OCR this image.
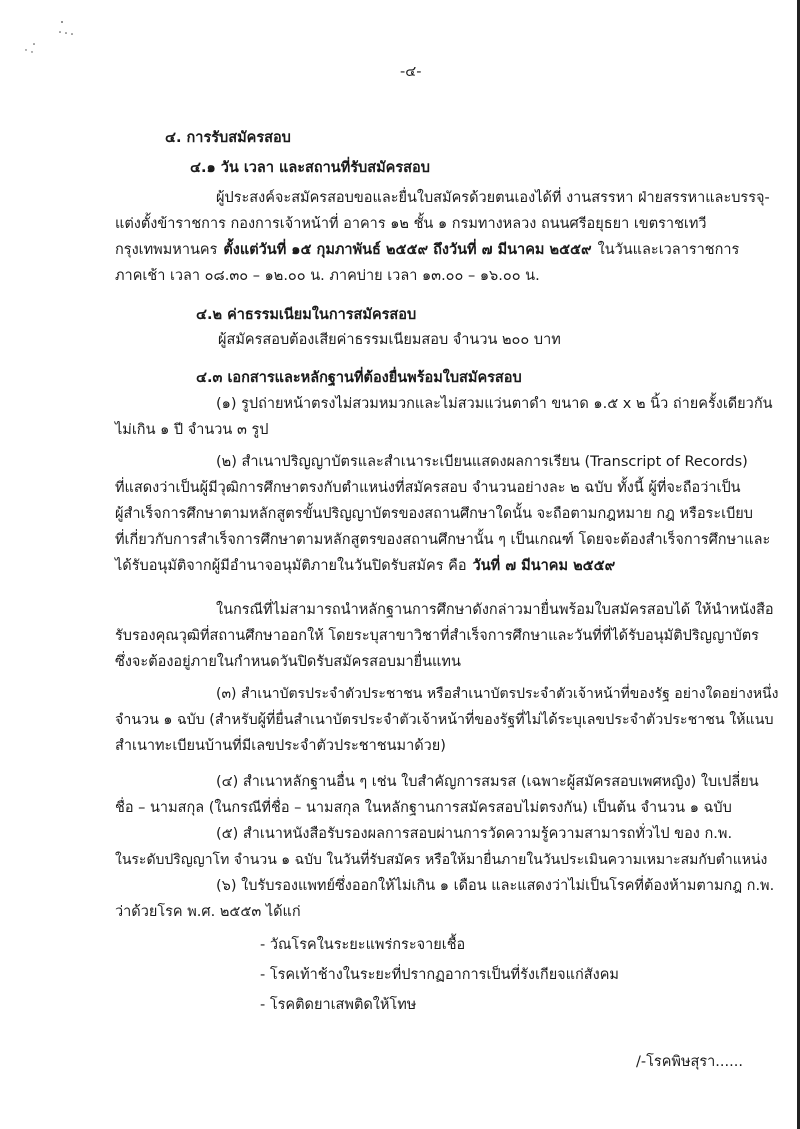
-๔-
๔. การรับสมัครสอบ
๔.๑ วัน เวลา และสถานที่รับสมัครสอบ
ผู้ประสงค์จะสมัครสอบขอและยื่นใบสมัครด้วยตนเองได้ที่ งานสรรหา ฝ่ายสรรหาและบรรจุ-
แต่งตั้งข้าราชการ กองการเจ้าหน้าที่ อาคาร ๑๒ ชั้น ๑ กรมทางหลวง ถนนศรีอยุธยา เขตราชเทวี
กรุงเทพมหานคร ตั้งแต่วันที่ ๑๕ กุมภาพันธ์ ๒๕๕๙ ถึงวันที่ ๗ มีนาคม ๒๕๕๙ ในวันและเวลาราชการ
ภาคเช้า เวลา ๐๘.๓๐ – ๑๒.๐๐ น. ภาคบ่าย เวลา ๑๓.๐๐ – ๑๖.๐๐ น.
๔.๒ ค่าธรรมเนียมในการสมัครสอบ
ผู้สมัครสอบต้องเสียค่าธรรมเนียมสอบ จำนวน ๒๐๐ บาท
๔.๓ เอกสารและหลักฐานที่ต้องยื่นพร้อมใบสมัครสอบ
(๑) รูปถ่ายหน้าตรงไม่สวมหมวกและไม่สวมแว่นตาดำ ขนาด ๑.๕ x ๒ นิ้ว ถ่ายครั้งเดียวกัน
ไม่เกิน ๑ ปี จำนวน ๓ รูป
(๒) สำเนาปริญญาบัตรและสำเนาระเบียนแสดงผลการเรียน (Transcript of Records)
ที่แสดงว่าเป็นผู้มีวุฒิการศึกษาตรงกับตำแหน่งที่สมัครสอบ จำนวนอย่างละ ๒ ฉบับ ทั้งนี้ ผู้ที่จะถือว่าเป็น
ผู้สำเร็จการศึกษาตามหลักสูตรขั้นปริญญาบัตรของสถานศึกษาใดนั้น จะถือตามกฎหมาย กฎ หรือระเบียบ
ที่เกี่ยวกับการสำเร็จการศึกษาตามหลักสูตรของสถานศึกษานั้น ๆ เป็นเกณฑ์ โดยจะต้องสำเร็จการศึกษาและ
ได้รับอนุมัติจากผู้มีอำนาจอนุมัติภายในวันปิดรับสมัคร คือ วันที่ ๗ มีนาคม ๒๕๕๙
ในกรณีที่ไม่สามารถนำหลักฐานการศึกษาดังกล่าวมายื่นพร้อมใบสมัครสอบได้ ให้นำหนังสือ
รับรองคุณวุฒิที่สถานศึกษาออกให้ โดยระบุสาขาวิชาที่สำเร็จการศึกษาและวันที่ที่ได้รับอนุมัติปริญญาบัตร
ซึ่งจะต้องอยู่ภายในกำหนดวันปิดรับสมัครสอบมายื่นแทน
(๓) สำเนาบัตรประจำตัวประชาชน หรือสำเนาบัตรประจำตัวเจ้าหน้าที่ของรัฐ อย่างใดอย่างหนึ่ง
จำนวน ๑ ฉบับ (สำหรับผู้ที่ยื่นสำเนาบัตรประจำตัวเจ้าหน้าที่ของรัฐที่ไม่ได้ระบุเลขประจำตัวประชาชน ให้แนบ
สำเนาทะเบียนบ้านที่มีเลขประจำตัวประชาชนมาด้วย)
(๔) สำเนาหลักฐานอื่น ๆ เช่น ใบสำคัญการสมรส (เฉพาะผู้สมัครสอบเพศหญิง) ใบเปลี่ยน
ชื่อ – นามสกุล (ในกรณีที่ชื่อ – นามสกุล ในหลักฐานการสมัครสอบไม่ตรงกัน) เป็นต้น จำนวน ๑ ฉบับ
(๕) สำเนาหนังสือรับรองผลการสอบผ่านการวัดความรู้ความสามารถทั่วไป ของ ก.พ.
ในระดับปริญญาโท จำนวน ๑ ฉบับ ในวันที่รับสมัคร หรือให้มายื่นภายในวันประเมินความเหมาะสมกับตำแหน่ง
(๖) ใบรับรองแพทย์ซึ่งออกให้ไม่เกิน ๑ เดือน และแสดงว่าไม่เป็นโรคที่ต้องห้ามตามกฎ ก.พ.
ว่าด้วยโรค พ.ศ. ๒๕๕๓ ได้แก่
- วัณโรคในระยะแพร่กระจายเชื้อ
- โรคเท้าช้างในระยะที่ปรากฏอาการเป็นที่รังเกียจแก่สังคม
- โรคติดยาเสพติดให้โทษ
/-โรคพิษสุรา......
